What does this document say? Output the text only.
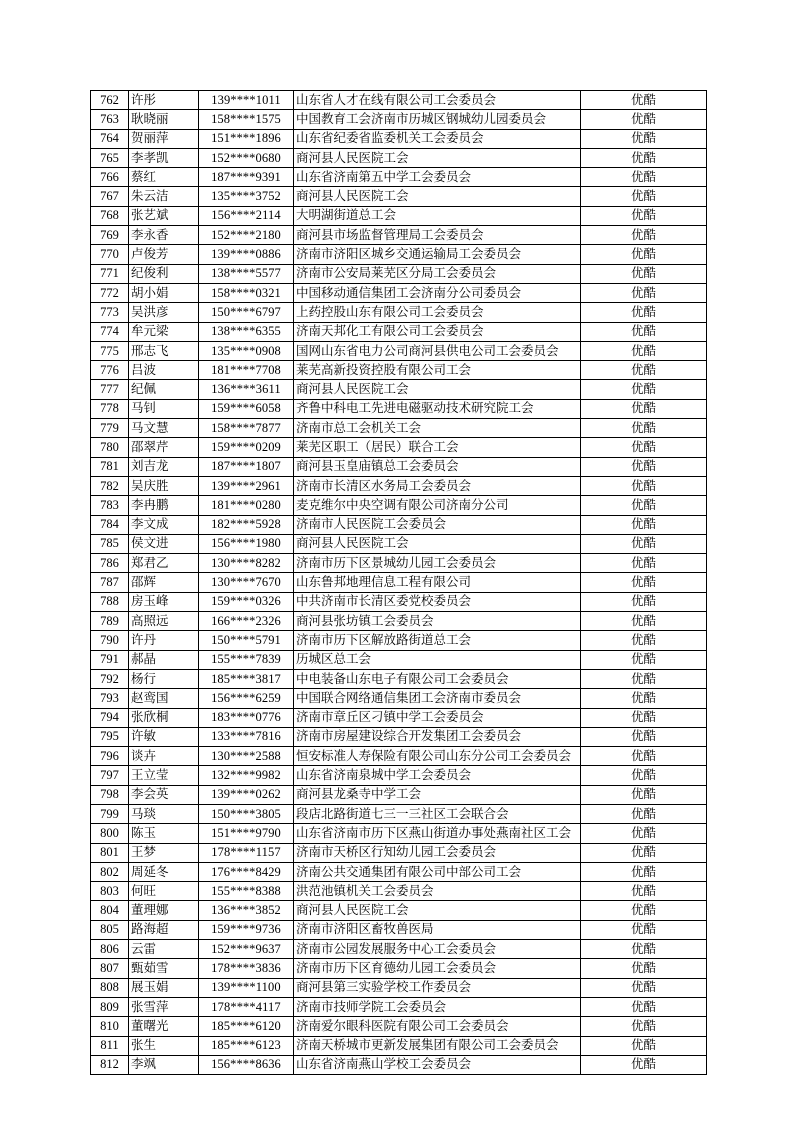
762	许彤	139****1011	山东省人才在线有限公司工会委员会	优酷
763	耿晓丽	158****1575	中国教育工会济南市历城区钢城幼儿园委员会	优酷
764	贺丽萍	151****1896	山东省纪委省监委机关工会委员会	优酷
765	李孝凯	152****0680	商河县人民医院工会	优酷
766	蔡红	187****9391	山东省济南第五中学工会委员会	优酷
767	朱云洁	135****3752	商河县人民医院工会	优酷
768	张艺斌	156****2114	大明湖街道总工会	优酷
769	李永香	152****2180	商河县市场监督管理局工会委员会	优酷
770	卢俊芳	139****0886	济南市济阳区城乡交通运输局工会委员会	优酷
771	纪俊利	138****5577	济南市公安局莱芜区分局工会委员会	优酷
772	胡小娟	158****0321	中国移动通信集团工会济南分公司委员会	优酷
773	吴洪彦	150****6797	上药控股山东有限公司工会委员会	优酷
774	牟元梁	138****6355	济南天邦化工有限公司工会委员会	优酷
775	邢志飞	135****0908	国网山东省电力公司商河县供电公司工会委员会	优酷
776	吕波	181****7708	莱芜高新投资控股有限公司工会	优酷
777	纪佩	136****3611	商河县人民医院工会	优酷
778	马钊	159****6058	齐鲁中科电工先进电磁驱动技术研究院工会	优酷
779	马文慧	158****7877	济南市总工会机关工会	优酷
780	邵翠芹	159****0209	莱芜区职工（居民）联合工会	优酷
781	刘吉龙	187****1807	商河县玉皇庙镇总工会委员会	优酷
782	吴庆胜	139****2961	济南市长清区水务局工会委员会	优酷
783	李冉鹏	181****0280	麦克维尔中央空调有限公司济南分公司	优酷
784	李文成	182****5928	济南市人民医院工会委员会	优酷
785	侯文进	156****1980	商河县人民医院工会	优酷
786	郑君乙	130****8282	济南市历下区景城幼儿园工会委员会	优酷
787	邵辉	130****7670	山东鲁邦地理信息工程有限公司	优酷
788	房玉峰	159****0326	中共济南市长清区委党校委员会	优酷
789	高照远	166****2326	商河县张坊镇工会委员会	优酷
790	许丹	150****5791	济南市历下区解放路街道总工会	优酷
791	郝晶	155****7839	历城区总工会	优酷
792	杨行	185****3817	中电装备山东电子有限公司工会委员会	优酷
793	赵鸾国	156****6259	中国联合网络通信集团工会济南市委员会	优酷
794	张欣桐	183****0776	济南市章丘区刁镇中学工会委员会	优酷
795	许敏	133****7816	济南市房屋建设综合开发集团工会委员会	优酷
796	谈卉	130****2588	恒安标准人寿保险有限公司山东分公司工会委员会	优酷
797	王立莹	132****9982	山东省济南泉城中学工会委员会	优酷
798	李会英	139****0262	商河县龙桑寺中学工会	优酷
799	马琰	150****3805	段店北路街道七三一三社区工会联合会	优酷
800	陈玉	151****9790	山东省济南市历下区燕山街道办事处燕南社区工会	优酷
801	王梦	178****1157	济南市天桥区行知幼儿园工会委员会	优酷
802	周延冬	176****8429	济南公共交通集团有限公司中部公司工会	优酷
803	何旺	155****8388	洪范池镇机关工会委员会	优酷
804	董理娜	136****3852	商河县人民医院工会	优酷
805	路海超	159****9736	济南市济阳区畜牧兽医局	优酷
806	云雷	152****9637	济南市公园发展服务中心工会委员会	优酷
807	甄茹雪	178****3836	济南市历下区育德幼儿园工会委员会	优酷
808	展玉娟	139****1100	商河县第三实验学校工作委员会	优酷
809	张雪萍	178****4117	济南市技师学院工会委员会	优酷
810	董曙光	185****6120	济南爱尔眼科医院有限公司工会委员会	优酷
811	张生	185****6123	济南天桥城市更新发展集团有限公司工会委员会	优酷
812	李飒	156****8636	山东省济南燕山学校工会委员会	优酷
